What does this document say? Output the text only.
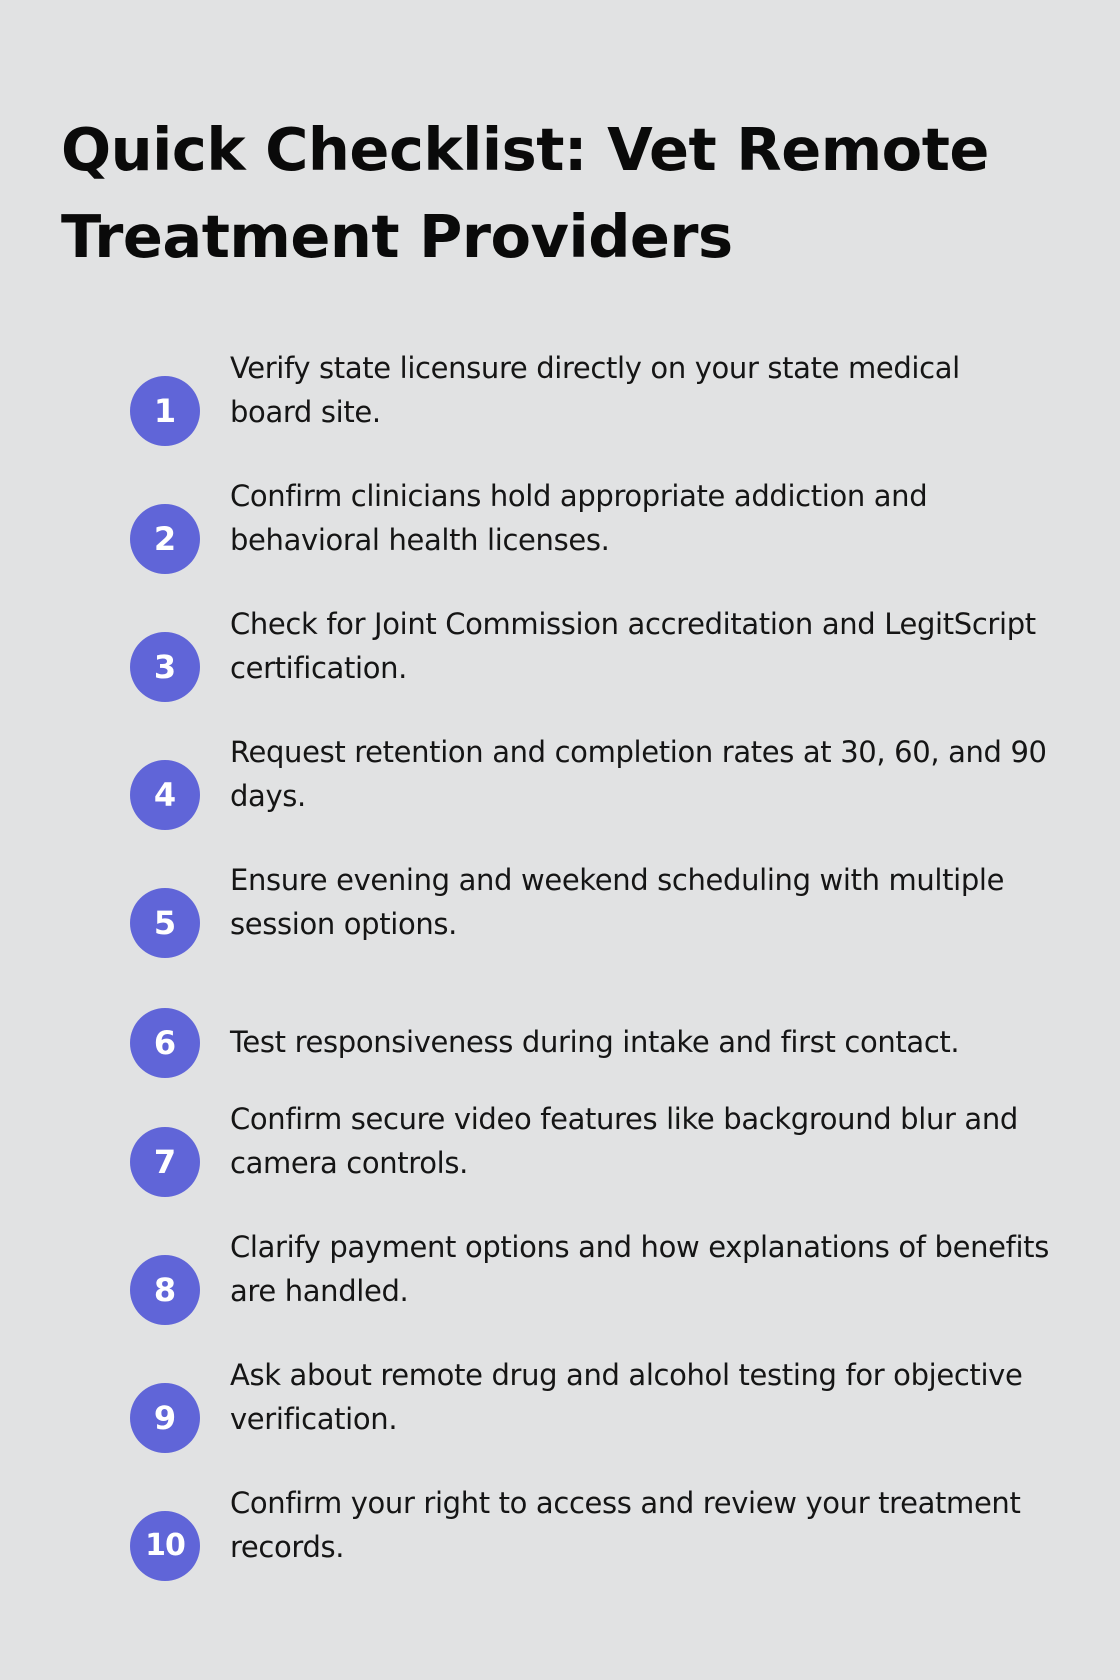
Quick Checklist: Vet Remote Treatment Providers
1

Verify state licensure directly on your state medical board site.

2

Confirm clinicians hold appropriate addiction and behavioral health licenses.

3

Check for Joint Commission accreditation and LegitScript certification.

4

Request retention and completion rates at 30, 60, and 90 days.

5

Ensure evening and weekend scheduling with multiple session options.

6	Test responsiveness during intake and first contact.

7

Confirm secure video features like background blur and camera controls.

8

Clarify payment options and how explanations of benefits are handled.

9

Ask about remote drug and alcohol testing for objective verification.

10

Confirm your right to access and review your treatment records.
